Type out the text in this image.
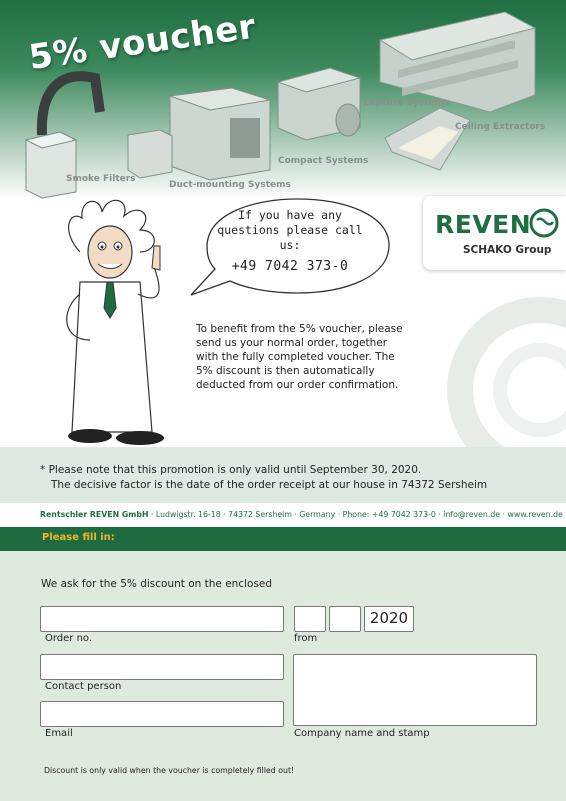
5% voucher
Smoke Filters
Duct-mounting Systems
Compact Systems
Capture Systems
Ceiling Extractors
If you have any questions please call us:
+49 7042 373-0
REVEN
SCHAKO Group
To benefit from the 5% voucher, please send us your normal order, together with the fully completed voucher. The 5% discount is then automatically deducted from our order confirmation.
* Please note that this promotion is only valid until September 30, 2020.
The decisive factor is the date of the order receipt at our house in 74372 Sersheim
Rentschler REVEN GmbH · Ludwigstr. 16-18 · 74372 Sersheim · Germany · Phone: +49 7042 373-0 · info@reven.de · www.reven.de
Please fill in:
We ask for the 5% discount on the enclosed
Order no.
2020
from
Contact person
Company name and stamp
Email
Discount is only valid when the voucher is completely filled out!
